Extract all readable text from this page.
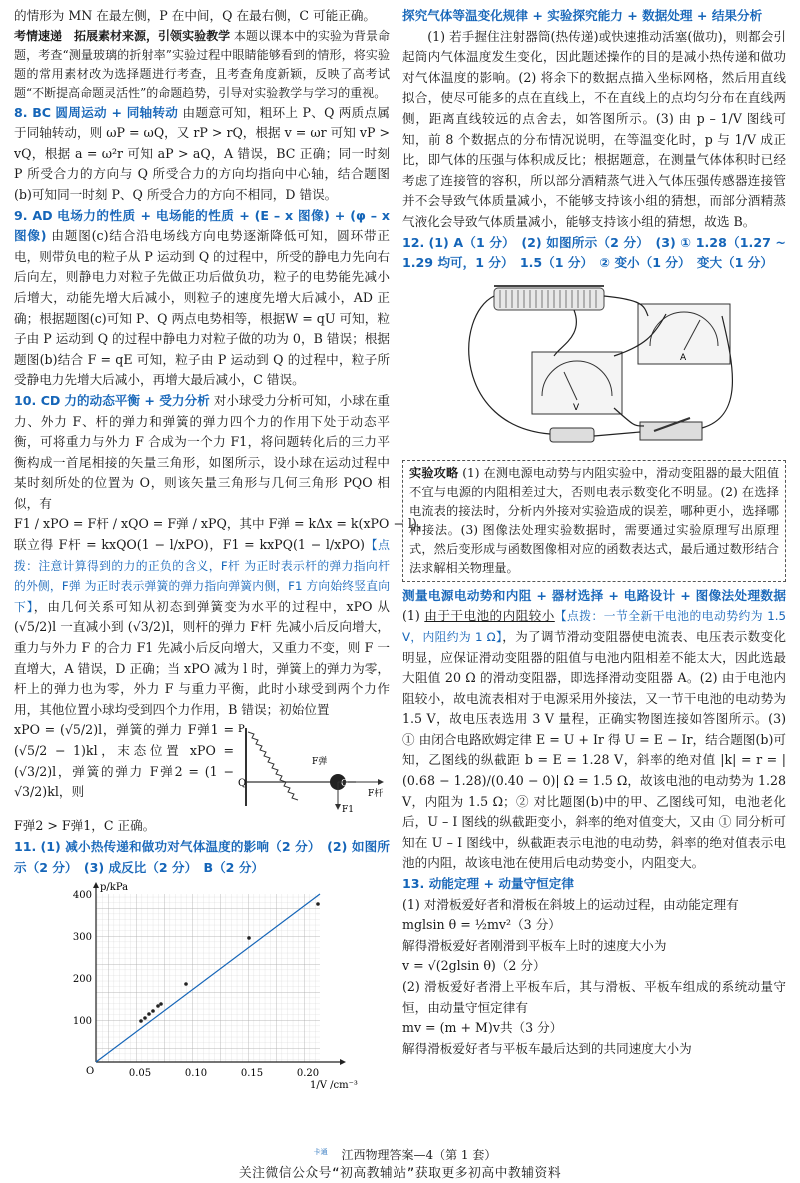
的情形为 MN 在最左侧，P 在中间，Q 在最右侧，C 可能正确。

考情速递　拓展素材来源，引领实验教学 本题以课本中的实验为背景命题，考查“测量玻璃的折射率”实验过程中眼睛能够看到的情形，将实验题的常用素材改为选择题进行考查，且考查角度新颖，反映了高考试题“不断提高命题灵活性”的命题趋势，引导对实验教学与学习的重视。

8. BC 圆周运动 + 同轴转动 由题意可知，粗环上 P、Q 两质点属于同轴转动，则 ωP = ωQ，又 rP > rQ，根据 v = ωr 可知 vP > vQ，根据 a = ω²r 可知 aP > aQ，A 错误，BC 正确；同一时刻 P 所受合力的方向与 Q 所受合力的方向均指向中心轴，结合题图(b)可知同一时刻 P、Q 所受合力的方向不相同，D 错误。

9. AD 电场力的性质 + 电场能的性质 + (E – x 图像) + (φ – x 图像) 由题图(c)结合沿电场线方向电势逐渐降低可知，圆环带正电，则带负电的粒子从 P 运动到 Q 的过程中，所受的静电力先向右后向左，则静电力对粒子先做正功后做负功，粒子的电势能先减小后增大，动能先增大后减小，则粒子的速度先增大后减小，AD 正确；根据题图(c)可知 P、Q 两点电势相等，根据W = qU 可知，粒子由 P 运动到 Q 的过程中静电力对粒子做的功为 0，B 错误；根据题图(b)结合 F = qE 可知，粒子由 P 运动到 Q 的过程中，粒子所受静电力先增大后减小，再增大最后减小，C 错误。

10. CD 力的动态平衡 + 受力分析 对小球受力分析可知，小球在重力、外力 F、杆的弹力和弹簧的弹力四个力的作用下处于动态平衡，可将重力与外力 F 合成为一个力 F1，将问题转化后的三力平衡构成一首尾相接的矢量三角形，如图所示，设小球在运动过程中某时刻所处的位置为 O，则该矢量三角形与几何三角形 PQO 相似，有

F1 / xPO = F杆 / xQO = F弹 / xPQ，其中 F弹 = kΔx = k(xPO − l)，

联立得 F杆 = kxQO(1 − l/xPO)，F1 = kxPQ(1 − l/xPO)【点拨：注意计算得到的力的正负的含义，F杆 为正时表示杆的弹力指向杆的外侧，F弹 为正时表示弹簧的弹力指向弹簧内侧，F1 方向始终竖直向下】，由几何关系可知从初态到弹簧变为水平的过程中，xPO 从 (√5/2)l 一直减小到 (√3/2)l，则杆的弹力 F杆 先减小后反向增大，重力与外力 F 的合力 F1 先减小后反向增大，又重力不变，则 F 一直增大，A 错误，D 正确；当 xPO 减为 l 时，弹簧上的弹力为零，杆上的弹力也为零，外力 F 与重力平衡，此时小球受到两个力作用，其他位置小球均受到四个力作用，B 错误；初始位置

xPO = (√5/2)l，弹簧的弹力 F弹1 = (√5/2 − 1)kl，末态位置 xPO = (√3/2)l，弹簧的弹力 F弹2 = (1 − √3/2)kl，则

P
Q	O
F杆
F1
F弹

F弹2 > F弹1，C 正确。

11. (1) 减小热传递和做功对气体温度的影响（2 分）　(2) 如图所示（2 分）　(3) 成反比（2 分）　B（2 分）

p/kPa
1/V /cm⁻³
O	0.05	0.10	0.15	0.20
100
200
300
400

探究气体等温变化规律 + 实验探究能力 + 数据处理 + 结果分析

(1) 若手握住注射器筒(热传递)或快速推动活塞(做功)，则都会引起筒内气体温度发生变化，因此题述操作的目的是减小热传递和做功对气体温度的影响。(2) 将余下的数据点描入坐标网格，然后用直线拟合，使尽可能多的点在直线上，不在直线上的点均匀分布在直线两侧，距离直线较远的点舍去，如答图所示。(3) 由 p – 1/V 图线可知，前 8 个数据点的分布情况说明，在等温变化时，p 与 1/V 成正比，即气体的压强与体积成反比；根据题意，在测量气体体积时已经考虑了连接管的容积，所以部分酒精蒸气进入气体压强传感器连接管并不会导致气体质量减小，不能够支持该小组的猜想，而部分酒精蒸气液化会导致气体质量减小，能够支持该小组的猜想，故选 B。

12. (1) A（1 分）　(2) 如图所示（2 分）　(3) ① 1.28（1.27 ~ 1.29 均可，1 分）　1.5（1 分）　② 变小（1 分）　变大（1 分）

A
V
实验攻略 (1) 在测电源电动势与内阻实验中，滑动变阻器的最大阻值不宜与电源的内阻相差过大，否则电表示数变化不明显。(2) 在选择电流表的接法时，分析内外接对实验造成的误差，哪种更小，选择哪种接法。(3) 图像法处理实验数据时，需要通过实验原理写出原理式，然后变形成与函数图像相对应的函数表达式，最后通过数形结合法求解相关物理量。

测量电源电动势和内阻 + 器材选择 + 电路设计 + 图像法处理数据 (1) 由于干电池的内阻较小【点拨：一节全新干电池的电动势约为 1.5 V，内阻约为 1 Ω】，为了调节滑动变阻器使电流表、电压表示数变化明显，应保证滑动变阻器的阻值与电池内阻相差不能太大，因此选最大阻值 20 Ω 的滑动变阻器，即选择滑动变阻器 A。(2) 由于电池内阻较小，故电流表相对于电源采用外接法，又一节干电池的电动势为 1.5 V，故电压表选用 3 V 量程，正确实物图连接如答图所示。(3) ① 由闭合电路欧姆定律 E = U + Ir 得 U = E − Ir，结合题图(b)可知，乙图线的纵截距 b = E = 1.28 V，斜率的绝对值 |k| = r = |(0.68 − 1.28)/(0.40 − 0)| Ω = 1.5 Ω，故该电池的电动势为 1.28 V，内阻为 1.5 Ω；② 对比题图(b)中的甲、乙图线可知，电池老化后，U – I 图线的纵截距变小，斜率的绝对值变大，又由 ① 同分析可知在 U – I 图线中，纵截距表示电池的电动势，斜率的绝对值表示电池的内阻，故该电池在使用后电动势变小，内阻变大。

13. 动能定理 + 动量守恒定律

(1) 对滑板爱好者和滑板在斜坡上的运动过程，由动能定理有

mglsin θ = ½mv²（3 分）

解得滑板爱好者刚滑到平板车上时的速度大小为

v = √(2glsin θ)（2 分）

(2) 滑板爱好者滑上平板车后，其与滑板、平板车组成的系统动量守恒，由动量守恒定律有

mv = (m + M)v共（3 分）

解得滑板爱好者与平板车最后达到的共同速度大小为

卡通 江西物理答案—4（第 1 套）
关注微信公众号“初高教辅站”获取更多初高中教辅资料
